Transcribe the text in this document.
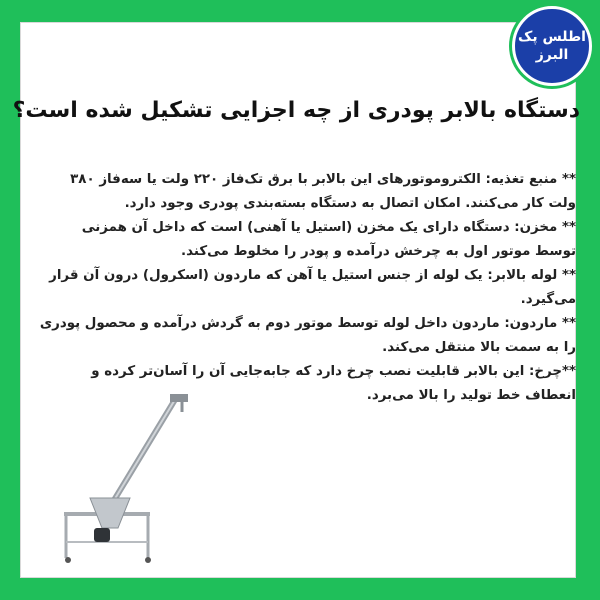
اطلس پک
البرز
دستگاه بالابر پودری از چه اجزایی تشکیل شده است؟

** منبع تغذیه: الکتروموتورهای این بالابر با برق تک‌فاز ۲۲۰ ولت یا سه‌فاز ۳۸۰ ولت کار می‌کنند. امکان اتصال به دستگاه بسته‌بندی پودری وجود دارد.

** مخزن: دستگاه دارای یک مخزن (استیل یا آهنی) است که داخل آن همزنی توسط موتور اول به چرخش درآمده و پودر را مخلوط می‌کند.

** لوله بالابر: یک لوله از جنس استیل یا آهن که ماردون (اسکرول) درون آن قرار می‌گیرد.

** ماردون: ماردون داخل لوله توسط موتور دوم به گردش درآمده و محصول پودری را به سمت بالا منتقل می‌کند.

**چرخ: این بالابر قابلیت نصب چرخ دارد که جابه‌جایی آن را آسان‌تر کرده و انعطاف خط تولید را بالا می‌برد.
